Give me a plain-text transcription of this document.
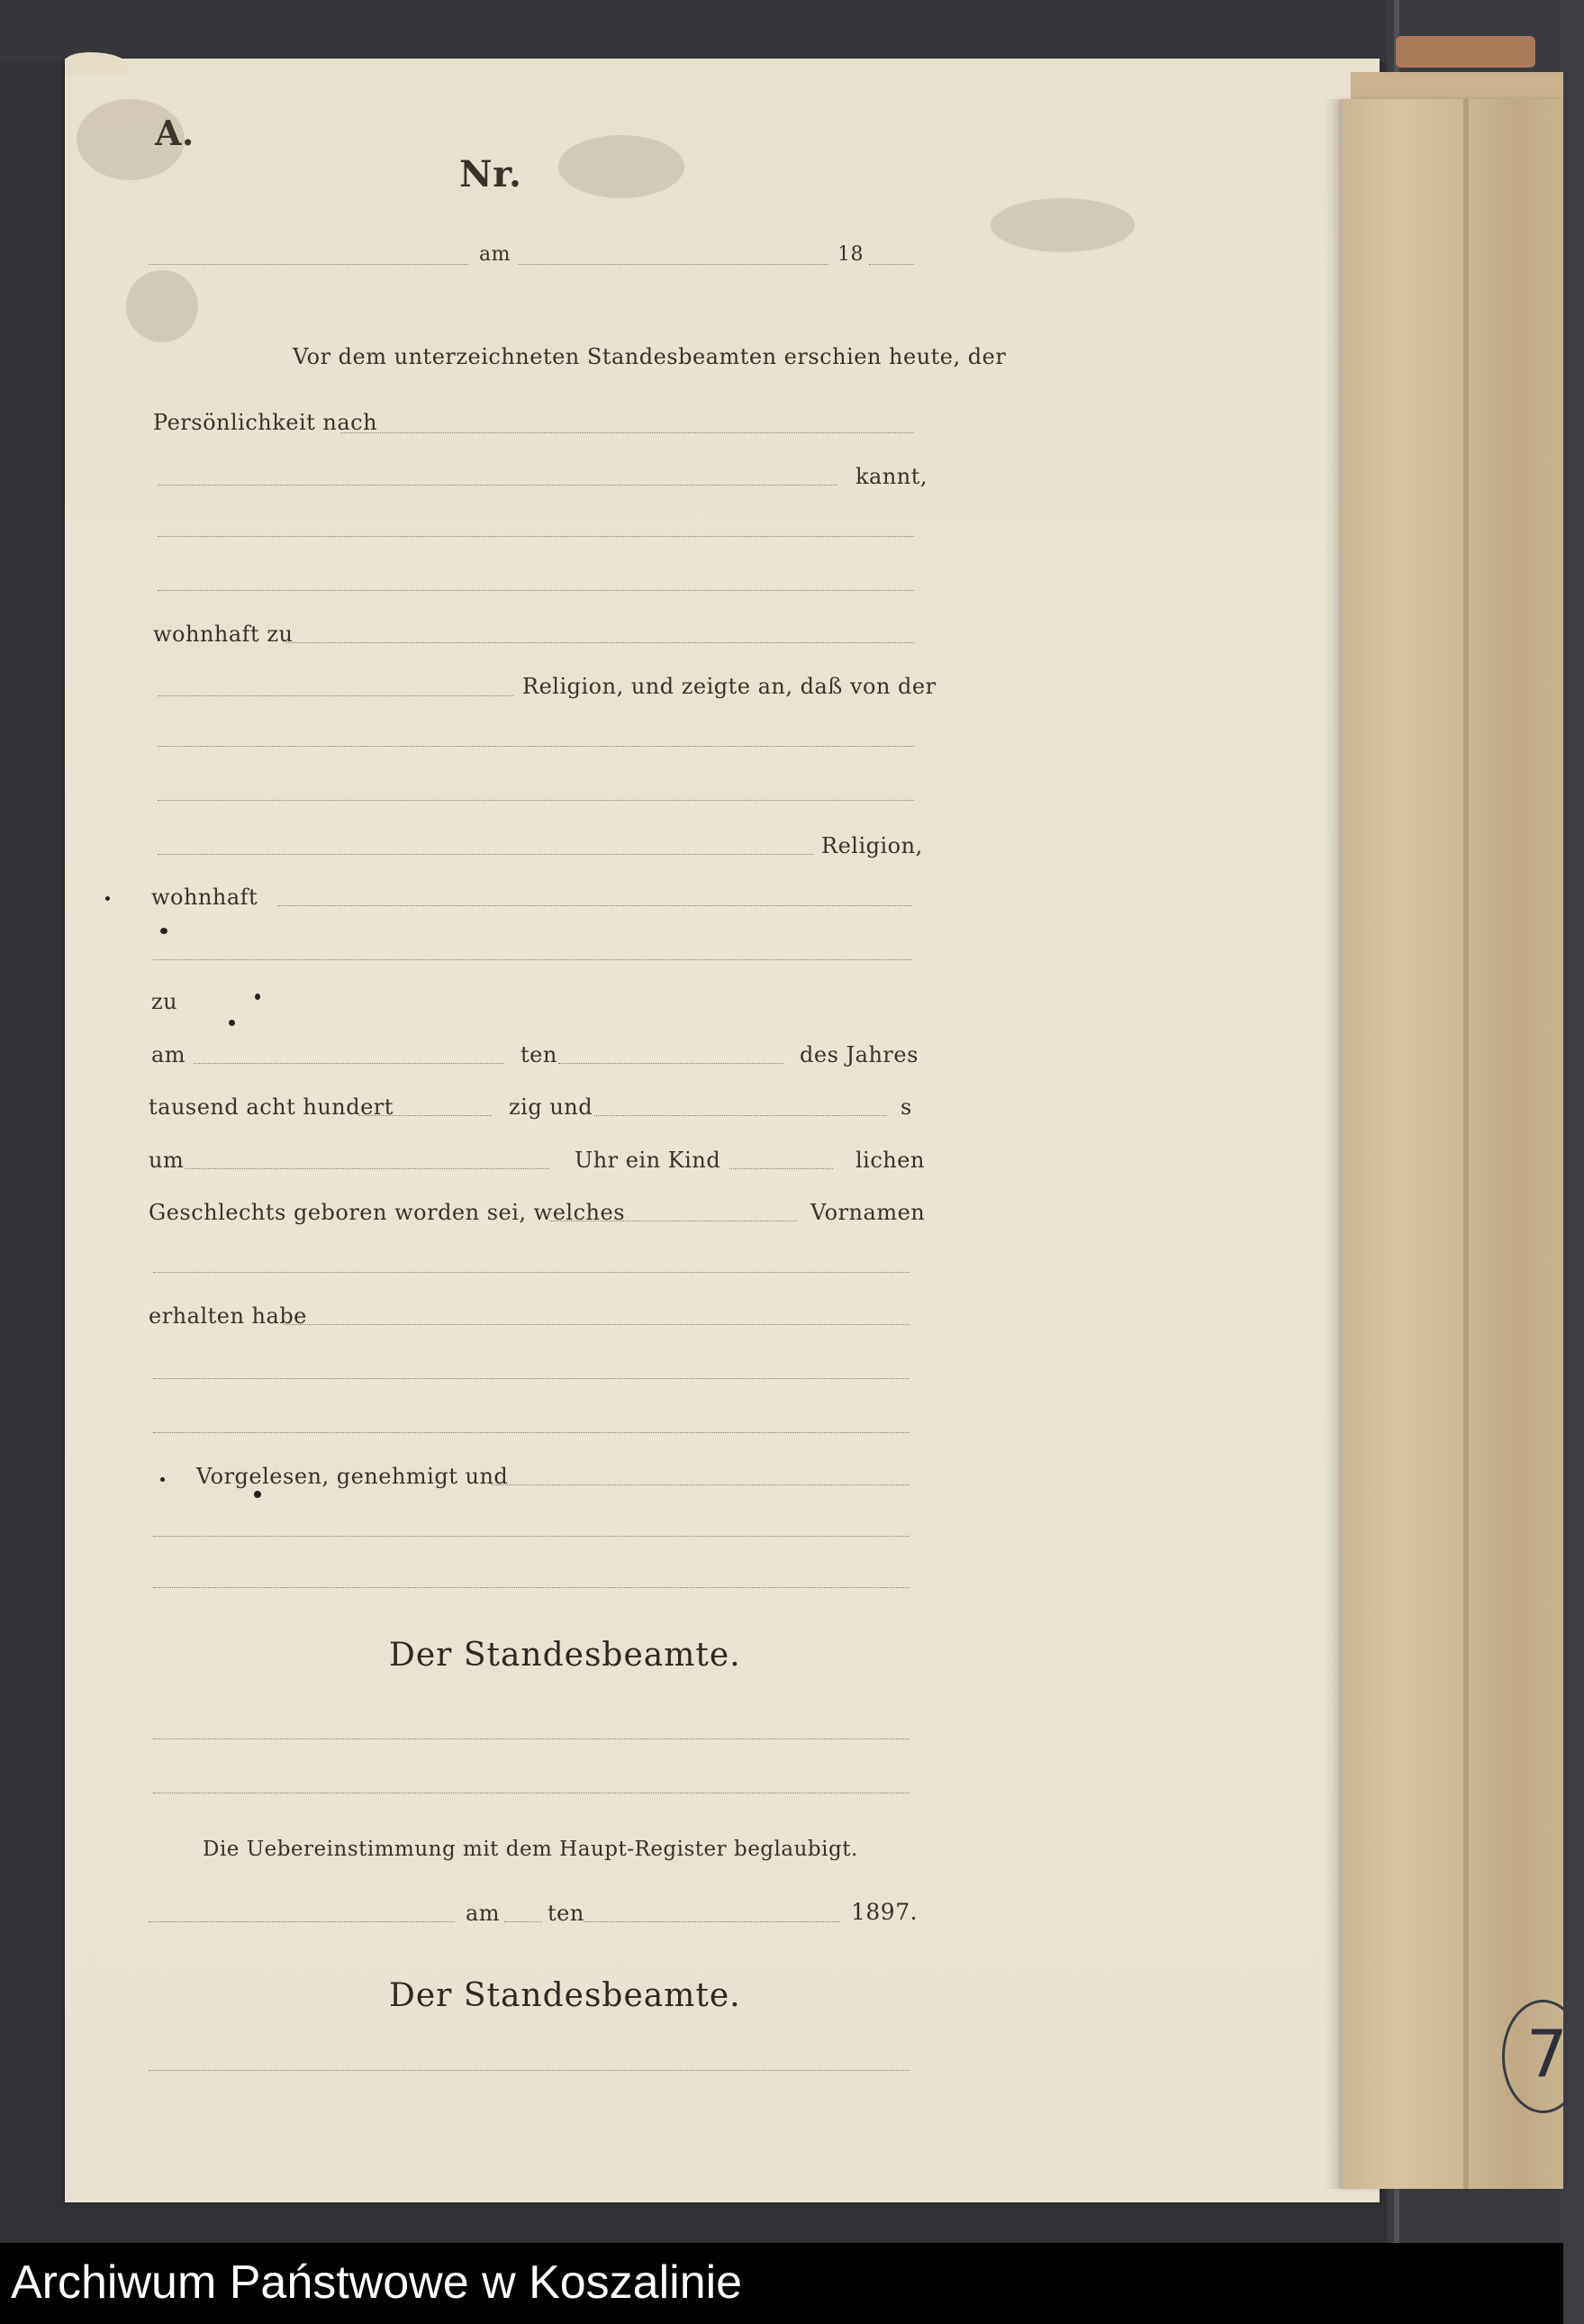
A.
Nr.
am	18
Vor dem unterzeichneten Standesbeamten erschien heute, der
Persönlichkeit nach
kannt,
wohnhaft zu
Religion, und zeigte an, daß von der
Religion,
wohnhaft
zu
am	ten	des Jahres
tausend acht hundert	zig und	s
um	Uhr ein Kind	lichen
Geschlechts geboren worden sei, welches	Vornamen
erhalten habe
Vorgelesen, genehmigt und
Der Standesbeamte.
Die Uebereinstimmung mit dem Haupt-Register beglaubigt.
am ten	1897.
Der Standesbeamte.
7
Archiwum Państwowe w Koszalinie
